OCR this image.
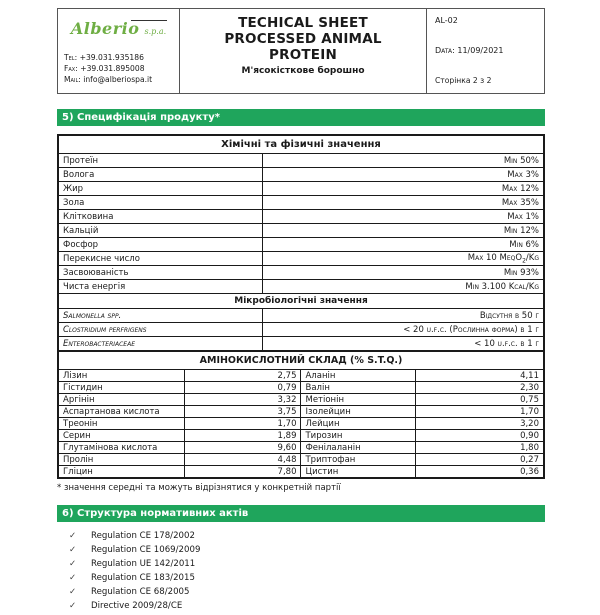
Alberio s.p.a.
Tel: +39.031.935186
Fax: +39.031.895008
Mail: info@alberiospa.it
TECHICAL SHEET
PROCESSED ANIMAL
PROTEIN
М'ясокісткове борошно
AL-02
Data: 11/09/2021
Сторінка 2 з 2
5) Специфікація продукту*
Хімічні та фізичні значення	
Протеїн	Min 50%
Волога	Max 3%
Жир	Max 12%
Зола	Max 35%
Клітковина	Max 1%
Кальцій	Min 12%
Фосфор	Min 6%
Перекисне число	Max 10 MeqO$_2$/Kg
Засвоюваність	Min 93%
Чиста енергія	Min 3.100 Kcal/Kg
Мікробіологічні значення	
Salmonella spp.	Відсутня в 50 г
Clostridium perfrigens	< 20 u.f.c. (Рослинна форма) в 1 г
Enterobacteriaceae	< 10 u.f.c. в 1 г
АМІНОКИСЛОТНИЙ СКЛАД (% S.T.Q.)			
Лізин	2,75	Аланін	4,11
Гістидин	0,79	Валін	2,30
Аргінін	3,32	Метіонін	0,75
Аспартанова кислота	3,75	Ізолейцин	1,70
Треонін	1,70	Лейцин	3,20
Серин	1,89	Тирозин	0,90
Глутамінова кислота	9,60	Фенілаланін	1,80
Пролін	4,48	Триптофан	0,27
Гліцин	7,80	Цистин	0,36
* значення середні та можуть відрізнятися у конкретній партії
6) Структура нормативних актів
✓	Regulation CE 178/2002
✓	Regulation CE 1069/2009
✓	Regulation UE 142/2011
✓	Regulation CE 183/2015
✓	Regulation CE 68/2005
✓	Directive 2009/28/CE
